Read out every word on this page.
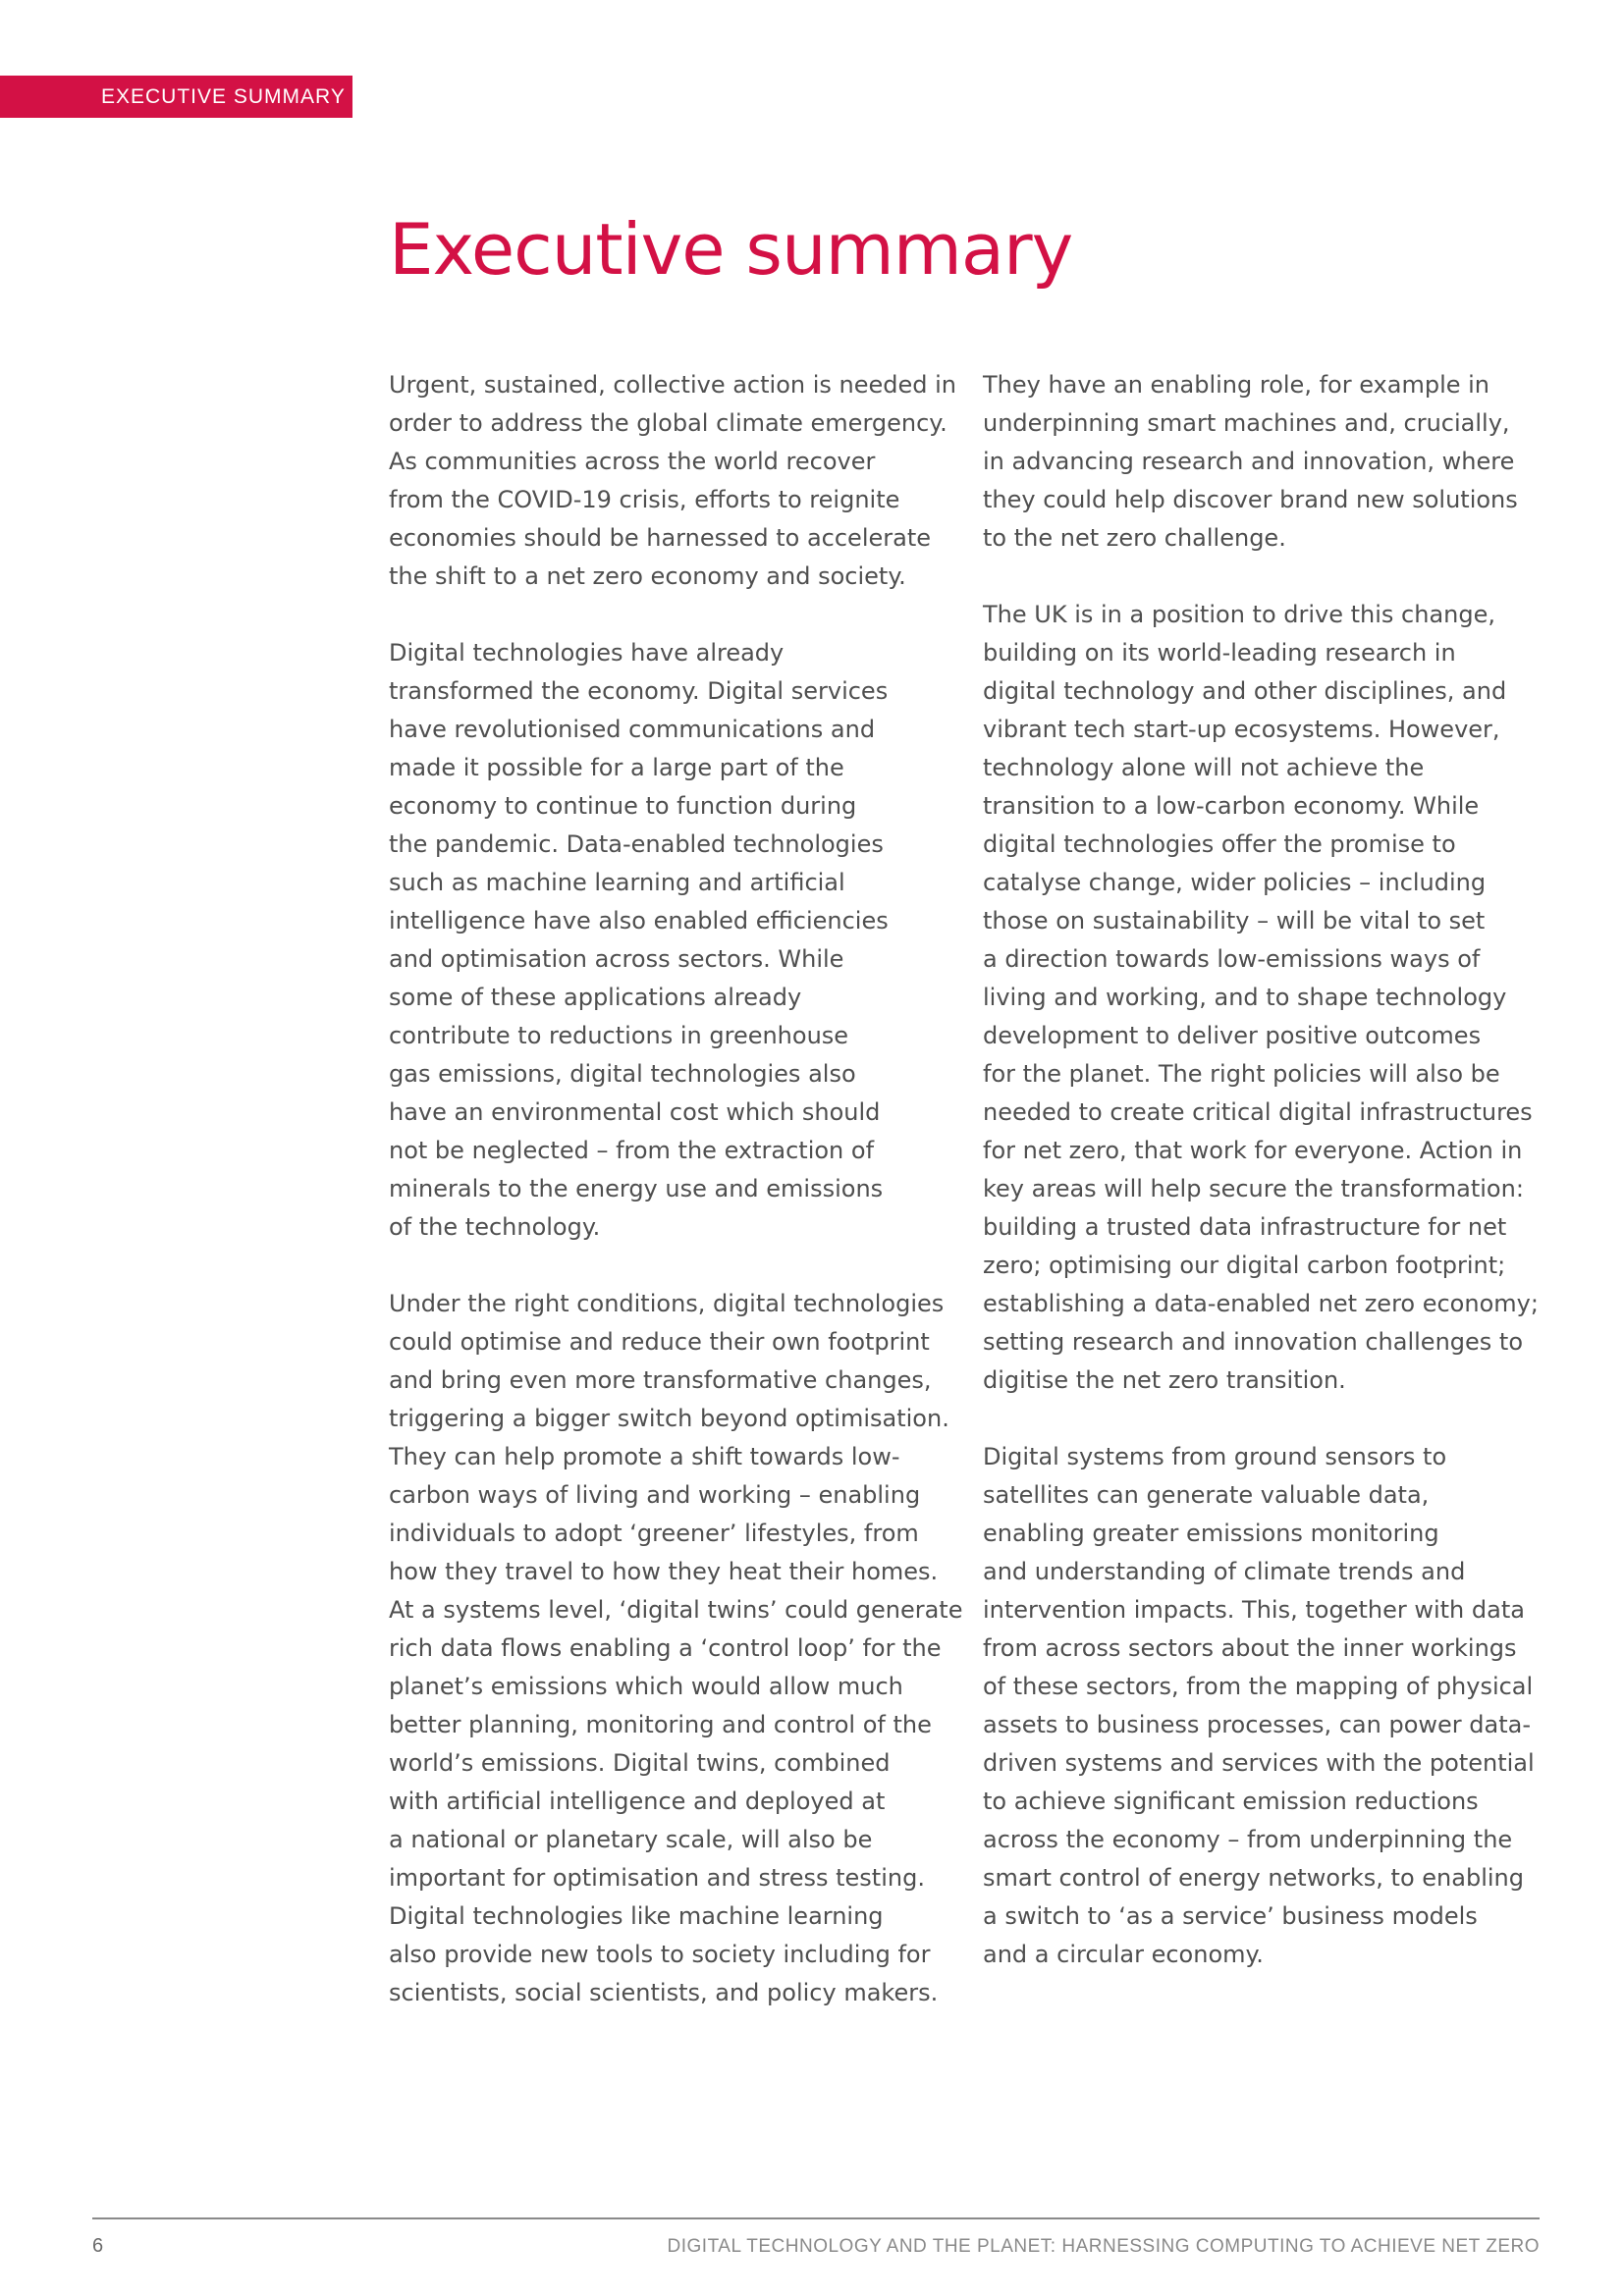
EXECUTIVE SUMMARY
Executive summary

Urgent, sustained, collective action is needed in
order to address the global climate emergency.
As communities across the world recover
from the COVID-19 crisis, efforts to reignite
economies should be harnessed to accelerate
the shift to a net zero economy and society.

Digital technologies have already
transformed the economy. Digital services
have revolutionised communications and
made it possible for a large part of the
economy to continue to function during
the pandemic. Data-enabled technologies
such as machine learning and artificial
intelligence have also enabled efficiencies
and optimisation across sectors. While
some of these applications already
contribute to reductions in greenhouse
gas emissions, digital technologies also
have an environmental cost which should
not be neglected – from the extraction of
minerals to the energy use and emissions
of the technology.

Under the right conditions, digital technologies
could optimise and reduce their own footprint
and bring even more transformative changes,
triggering a bigger switch beyond optimisation.
They can help promote a shift towards low-
carbon ways of living and working – enabling
individuals to adopt ‘greener’ lifestyles, from
how they travel to how they heat their homes.
At a systems level, ‘digital twins’ could generate
rich data flows enabling a ‘control loop’ for the
planet’s emissions which would allow much
better planning, monitoring and control of the
world’s emissions. Digital twins, combined
with artificial intelligence and deployed at
a national or planetary scale, will also be
important for optimisation and stress testing.
Digital technologies like machine learning
also provide new tools to society including for
scientists, social scientists, and policy makers.

They have an enabling role, for example in
underpinning smart machines and, crucially,
in advancing research and innovation, where
they could help discover brand new solutions
to the net zero challenge.

The UK is in a position to drive this change,
building on its world-leading research in
digital technology and other disciplines, and
vibrant tech start-up ecosystems. However,
technology alone will not achieve the
transition to a low-carbon economy. While
digital technologies offer the promise to
catalyse change, wider policies – including
those on sustainability – will be vital to set
a direction towards low-emissions ways of
living and working, and to shape technology
development to deliver positive outcomes
for the planet. The right policies will also be
needed to create critical digital infrastructures
for net zero, that work for everyone. Action in
key areas will help secure the transformation:
building a trusted data infrastructure for net
zero; optimising our digital carbon footprint;
establishing a data-enabled net zero economy;
setting research and innovation challenges to
digitise the net zero transition.

Digital systems from ground sensors to
satellites can generate valuable data,
enabling greater emissions monitoring
and understanding of climate trends and
intervention impacts. This, together with data
from across sectors about the inner workings
of these sectors, from the mapping of physical
assets to business processes, can power data-
driven systems and services with the potential
to achieve significant emission reductions
across the economy – from underpinning the
smart control of energy networks, to enabling
a switch to ‘as a service’ business models
and a circular economy.

6	DIGITAL TECHNOLOGY AND THE PLANET: HARNESSING COMPUTING TO ACHIEVE NET ZERO
